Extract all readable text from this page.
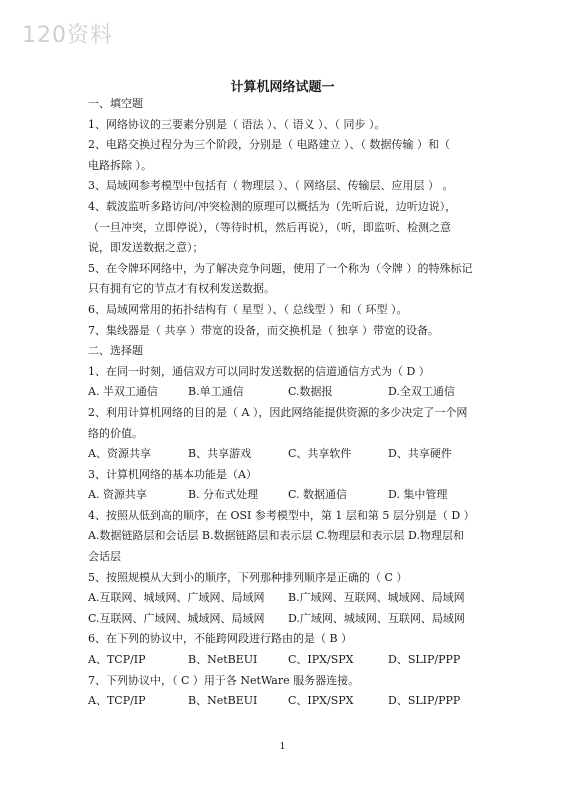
120资料
计算机网络试题一
一、填空题
1、网络协议的三要素分别是（ 语法 ）、（ 语义 ）、（ 同步 ）。
2、电路交换过程分为三个阶段，分别是（ 电路建立 ）、（ 数据传输 ）和（
电路拆除 ）。
3、局域网参考模型中包括有（ 物理层 ）、（ 网络层、传输层、应用层 ） 。
4、载波监听多路访问/冲突检测的原理可以概括为（先听后说，边听边说），
（一旦冲突，立即停说），（等待时机，然后再说），（听，即监听、检测之意
说，即发送数据之意）；
5、在令牌环网络中，为了解决竞争问题，使用了一个称为（令牌 ）的特殊标记
只有拥有它的节点才有权利发送数据。
6、局域网常用的拓扑结构有（ 星型 ）、（ 总线型 ）和（ 环型 ）。
7、集线器是（ 共享 ）带宽的设备，而交换机是（ 独享 ）带宽的设备。
二、选择题
1、在同一时刻，通信双方可以同时发送数据的信道通信方式为（ D ）
A. 半双工通信	B.单工通信	C.数据报	D.全双工通信
2、利用计算机网络的目的是（ A ），因此网络能提供资源的多少决定了一个网
络的价值。
A、资源共享	B、共享游戏	C、共享软件	D、共享硬件
3、计算机网络的基本功能是（A）
A. 资源共享	B. 分布式处理	C. 数据通信	D. 集中管理
4、按照从低到高的顺序，在 OSI 参考模型中，第 1 层和第 5 层分别是（ D ）
A.数据链路层和会话层 B.数据链路层和表示层 C.物理层和表示层 D.物理层和
会话层
5、按照规模从大到小的顺序，下列那种排列顺序是正确的（ C ）
A.互联网、城域网、广域网、局域网	B.广域网、互联网、城域网、局域网
C.互联网、广域网、城域网、局域网	D.广域网、城域网、互联网、局域网
6、在下列的协议中，不能跨网段进行路由的是（ B ）
A、TCP/IP	B、NetBEUI	C、IPX/SPX	D、SLIP/PPP
7、下列协议中，（ C ）用于各 NetWare 服务器连接。
A、TCP/IP	B、NetBEUI	C、IPX/SPX	D、SLIP/PPP
1
